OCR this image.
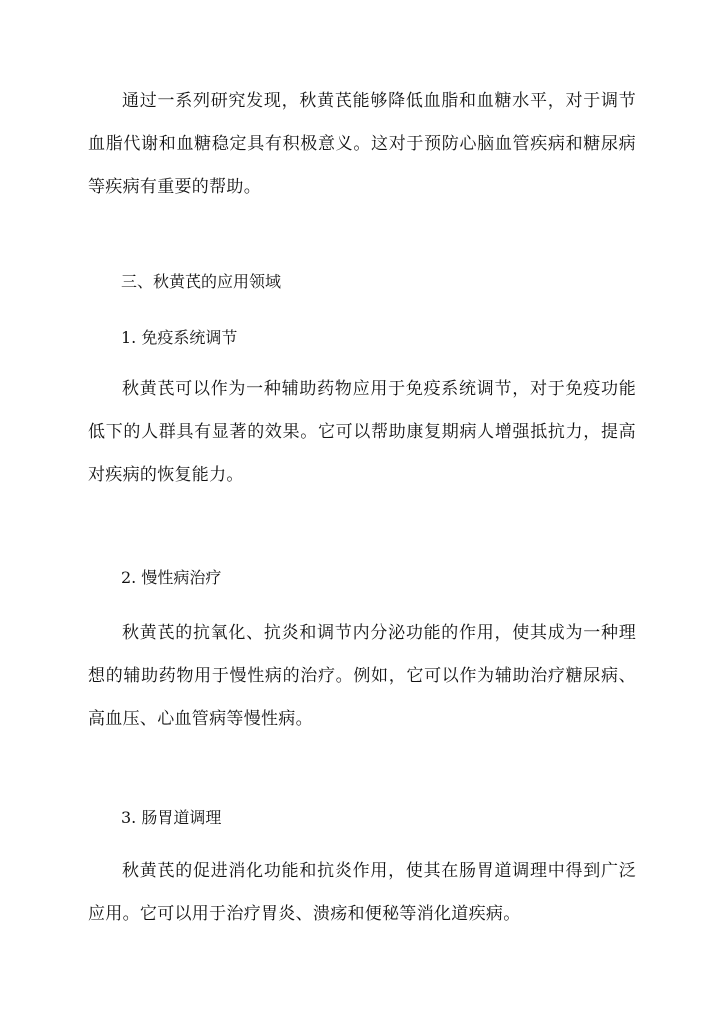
通过一系列研究发现，秋黄芪能够降低血脂和血糖水平，对于调节血脂代谢和血糖稳定具有积极意义。这对于预防心脑血管疾病和糖尿病等疾病有重要的帮助。

三、秋黄芪的应用领域

1. 免疫系统调节

秋黄芪可以作为一种辅助药物应用于免疫系统调节，对于免疫功能低下的人群具有显著的效果。它可以帮助康复期病人增强抵抗力，提高对疾病的恢复能力。

2. 慢性病治疗

秋黄芪的抗氧化、抗炎和调节内分泌功能的作用，使其成为一种理想的辅助药物用于慢性病的治疗。例如，它可以作为辅助治疗糖尿病、高血压、心血管病等慢性病。

3. 肠胃道调理

秋黄芪的促进消化功能和抗炎作用，使其在肠胃道调理中得到广泛应用。它可以用于治疗胃炎、溃疡和便秘等消化道疾病。
